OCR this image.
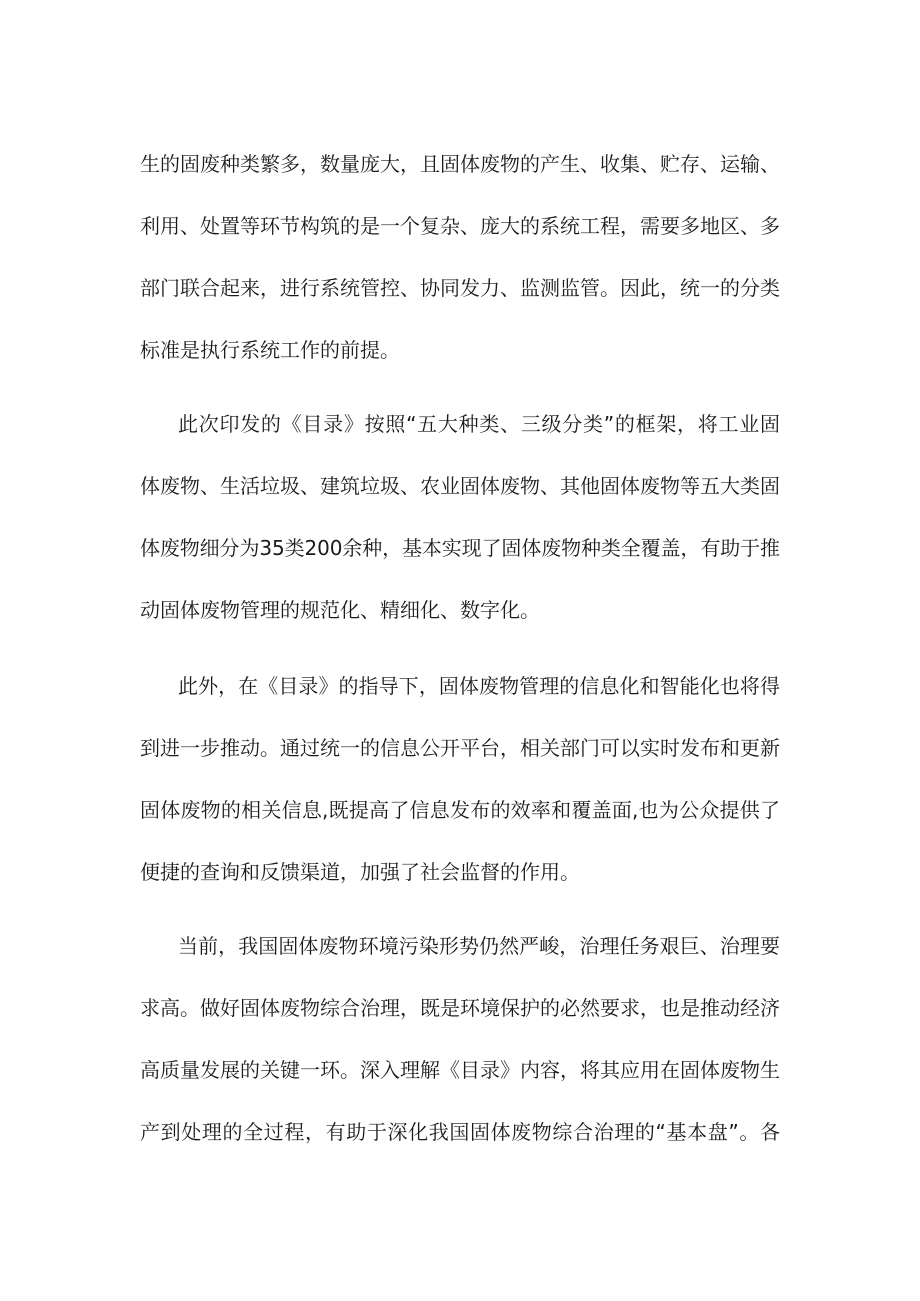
生的固废种类繁多，数量庞大，且固体废物的产生、收集、贮存、运输、

利用、处置等环节构筑的是一个复杂、庞大的系统工程，需要多地区、多

部门联合起来，进行系统管控、协同发力、监测监管。因此，统一的分类

标准是执行系统工作的前提。

此次印发的《目录》按照“五大种类、三级分类”的框架，将工业固

体废物、生活垃圾、建筑垃圾、农业固体废物、其他固体废物等五大类固

体废物细分为35类200余种，基本实现了固体废物种类全覆盖，有助于推

动固体废物管理的规范化、精细化、数字化。

此外，在《目录》的指导下，固体废物管理的信息化和智能化也将得

到进一步推动。通过统一的信息公开平台，相关部门可以实时发布和更新

固体废物的相关信息,既提高了信息发布的效率和覆盖面,也为公众提供了

便捷的查询和反馈渠道，加强了社会监督的作用。

当前，我国固体废物环境污染形势仍然严峻，治理任务艰巨、治理要

求高。做好固体废物综合治理，既是环境保护的必然要求，也是推动经济

高质量发展的关键一环。深入理解《目录》内容，将其应用在固体废物生

产到处理的全过程，有助于深化我国固体废物综合治理的“基本盘”。各
